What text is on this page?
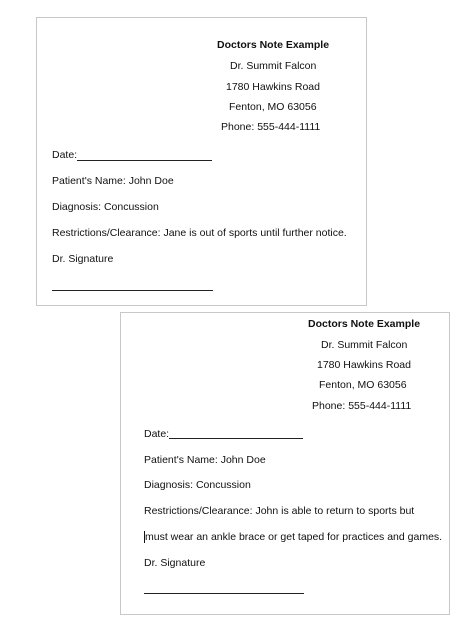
Doctors Note Example
Dr. Summit Falcon
1780 Hawkins Road
Fenton, MO 63056
Phone: 555-444-1111
Date:
Patient's Name: John Doe
Diagnosis: Concussion
Restrictions/Clearance: Jane is out of sports until further notice.
Dr. Signature
Doctors Note Example
Dr. Summit Falcon
1780 Hawkins Road
Fenton, MO 63056
Phone: 555-444-1111
Date:
Patient's Name: John Doe
Diagnosis: Concussion
Restrictions/Clearance: John is able to return to sports but
must wear an ankle brace or get taped for practices and games.
Dr. Signature
